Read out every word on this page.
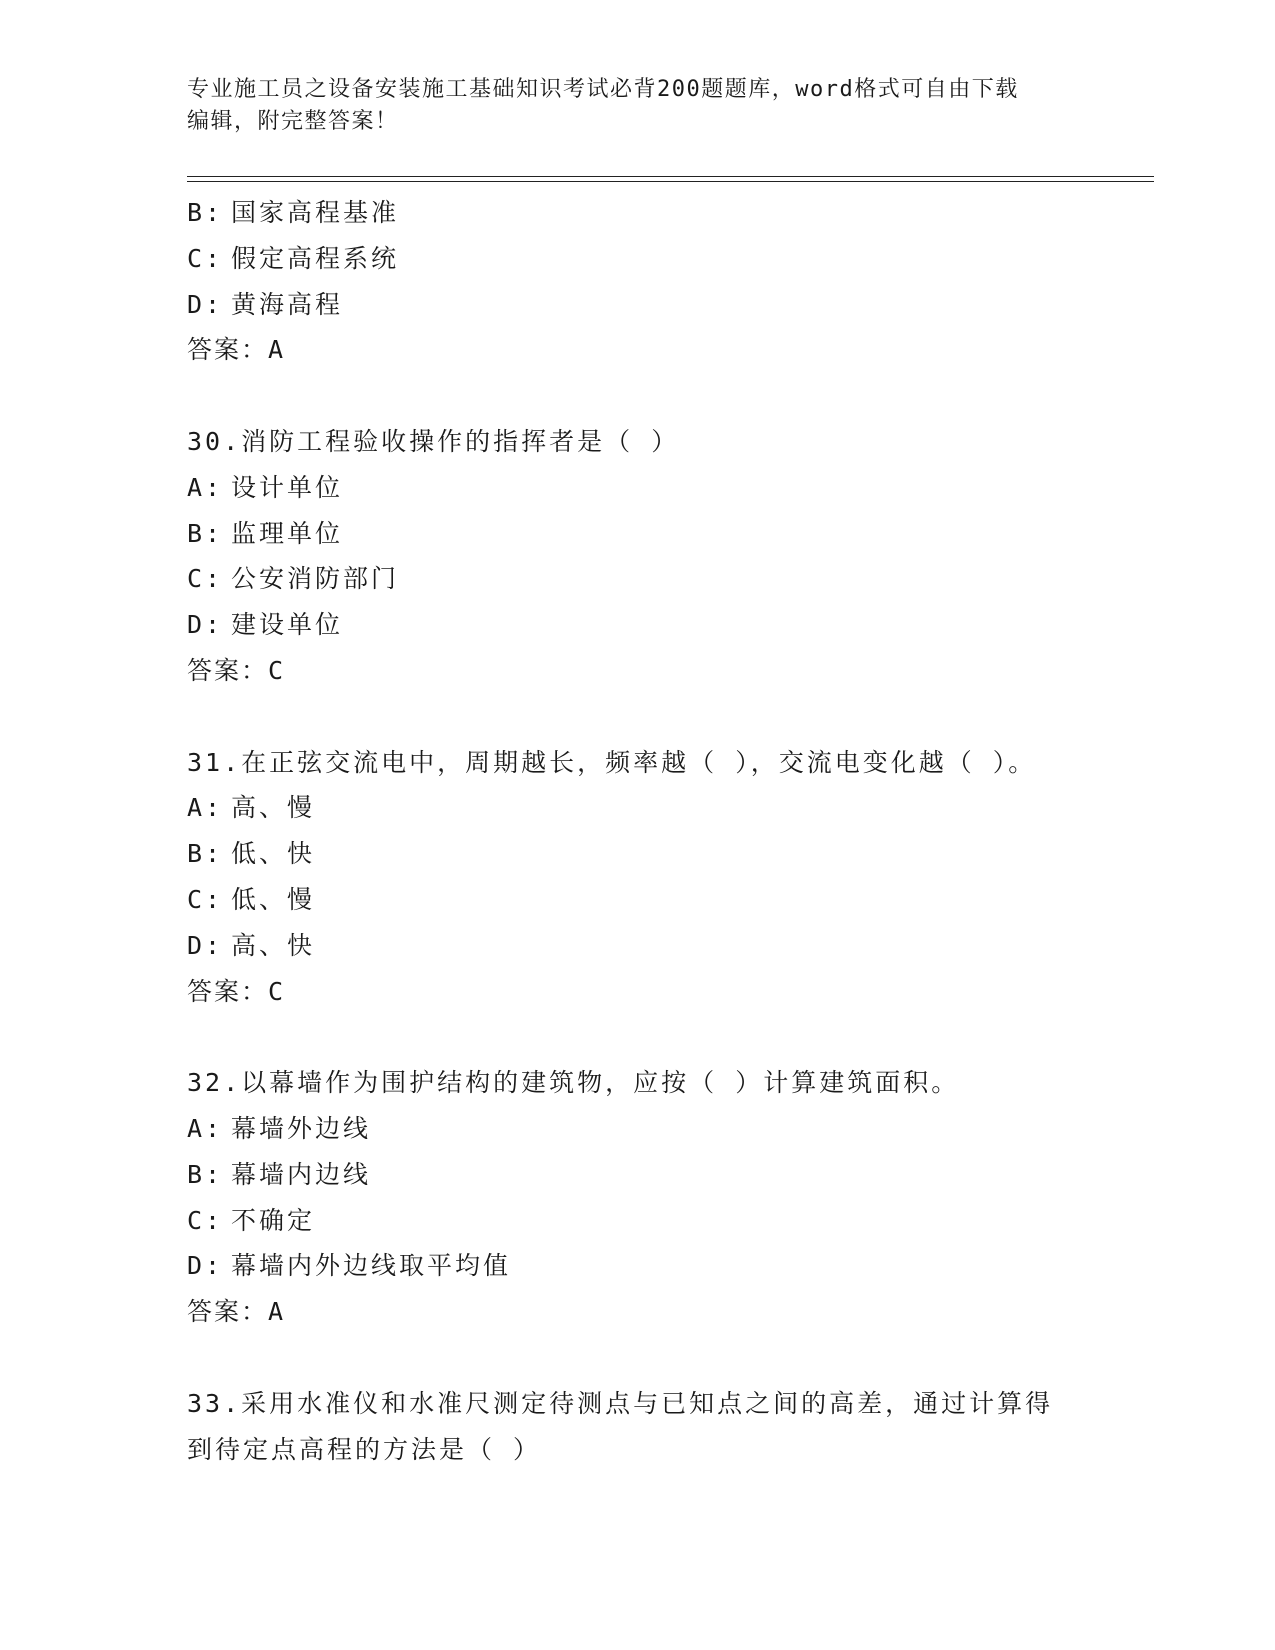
专业施工员之设备安装施工基础知识考试必背200题题库，word格式可自由下载
编辑，附完整答案！
B: 国家高程基准
C: 假定高程系统
D: 黄海高程
答案：A
30.消防工程验收操作的指挥者是（ ）
A: 设计单位
B: 监理单位
C: 公安消防部门
D: 建设单位
答案：C
31.在正弦交流电中，周期越长，频率越（ ），交流电变化越（ ）。
A: 高、慢
B: 低、快
C: 低、慢
D: 高、快
答案：C
32.以幕墙作为围护结构的建筑物，应按（ ）计算建筑面积。
A: 幕墙外边线
B: 幕墙内边线
C: 不确定
D: 幕墙内外边线取平均值
答案：A
33.采用水准仪和水准尺测定待测点与已知点之间的高差，通过计算得
到待定点高程的方法是（ ）
